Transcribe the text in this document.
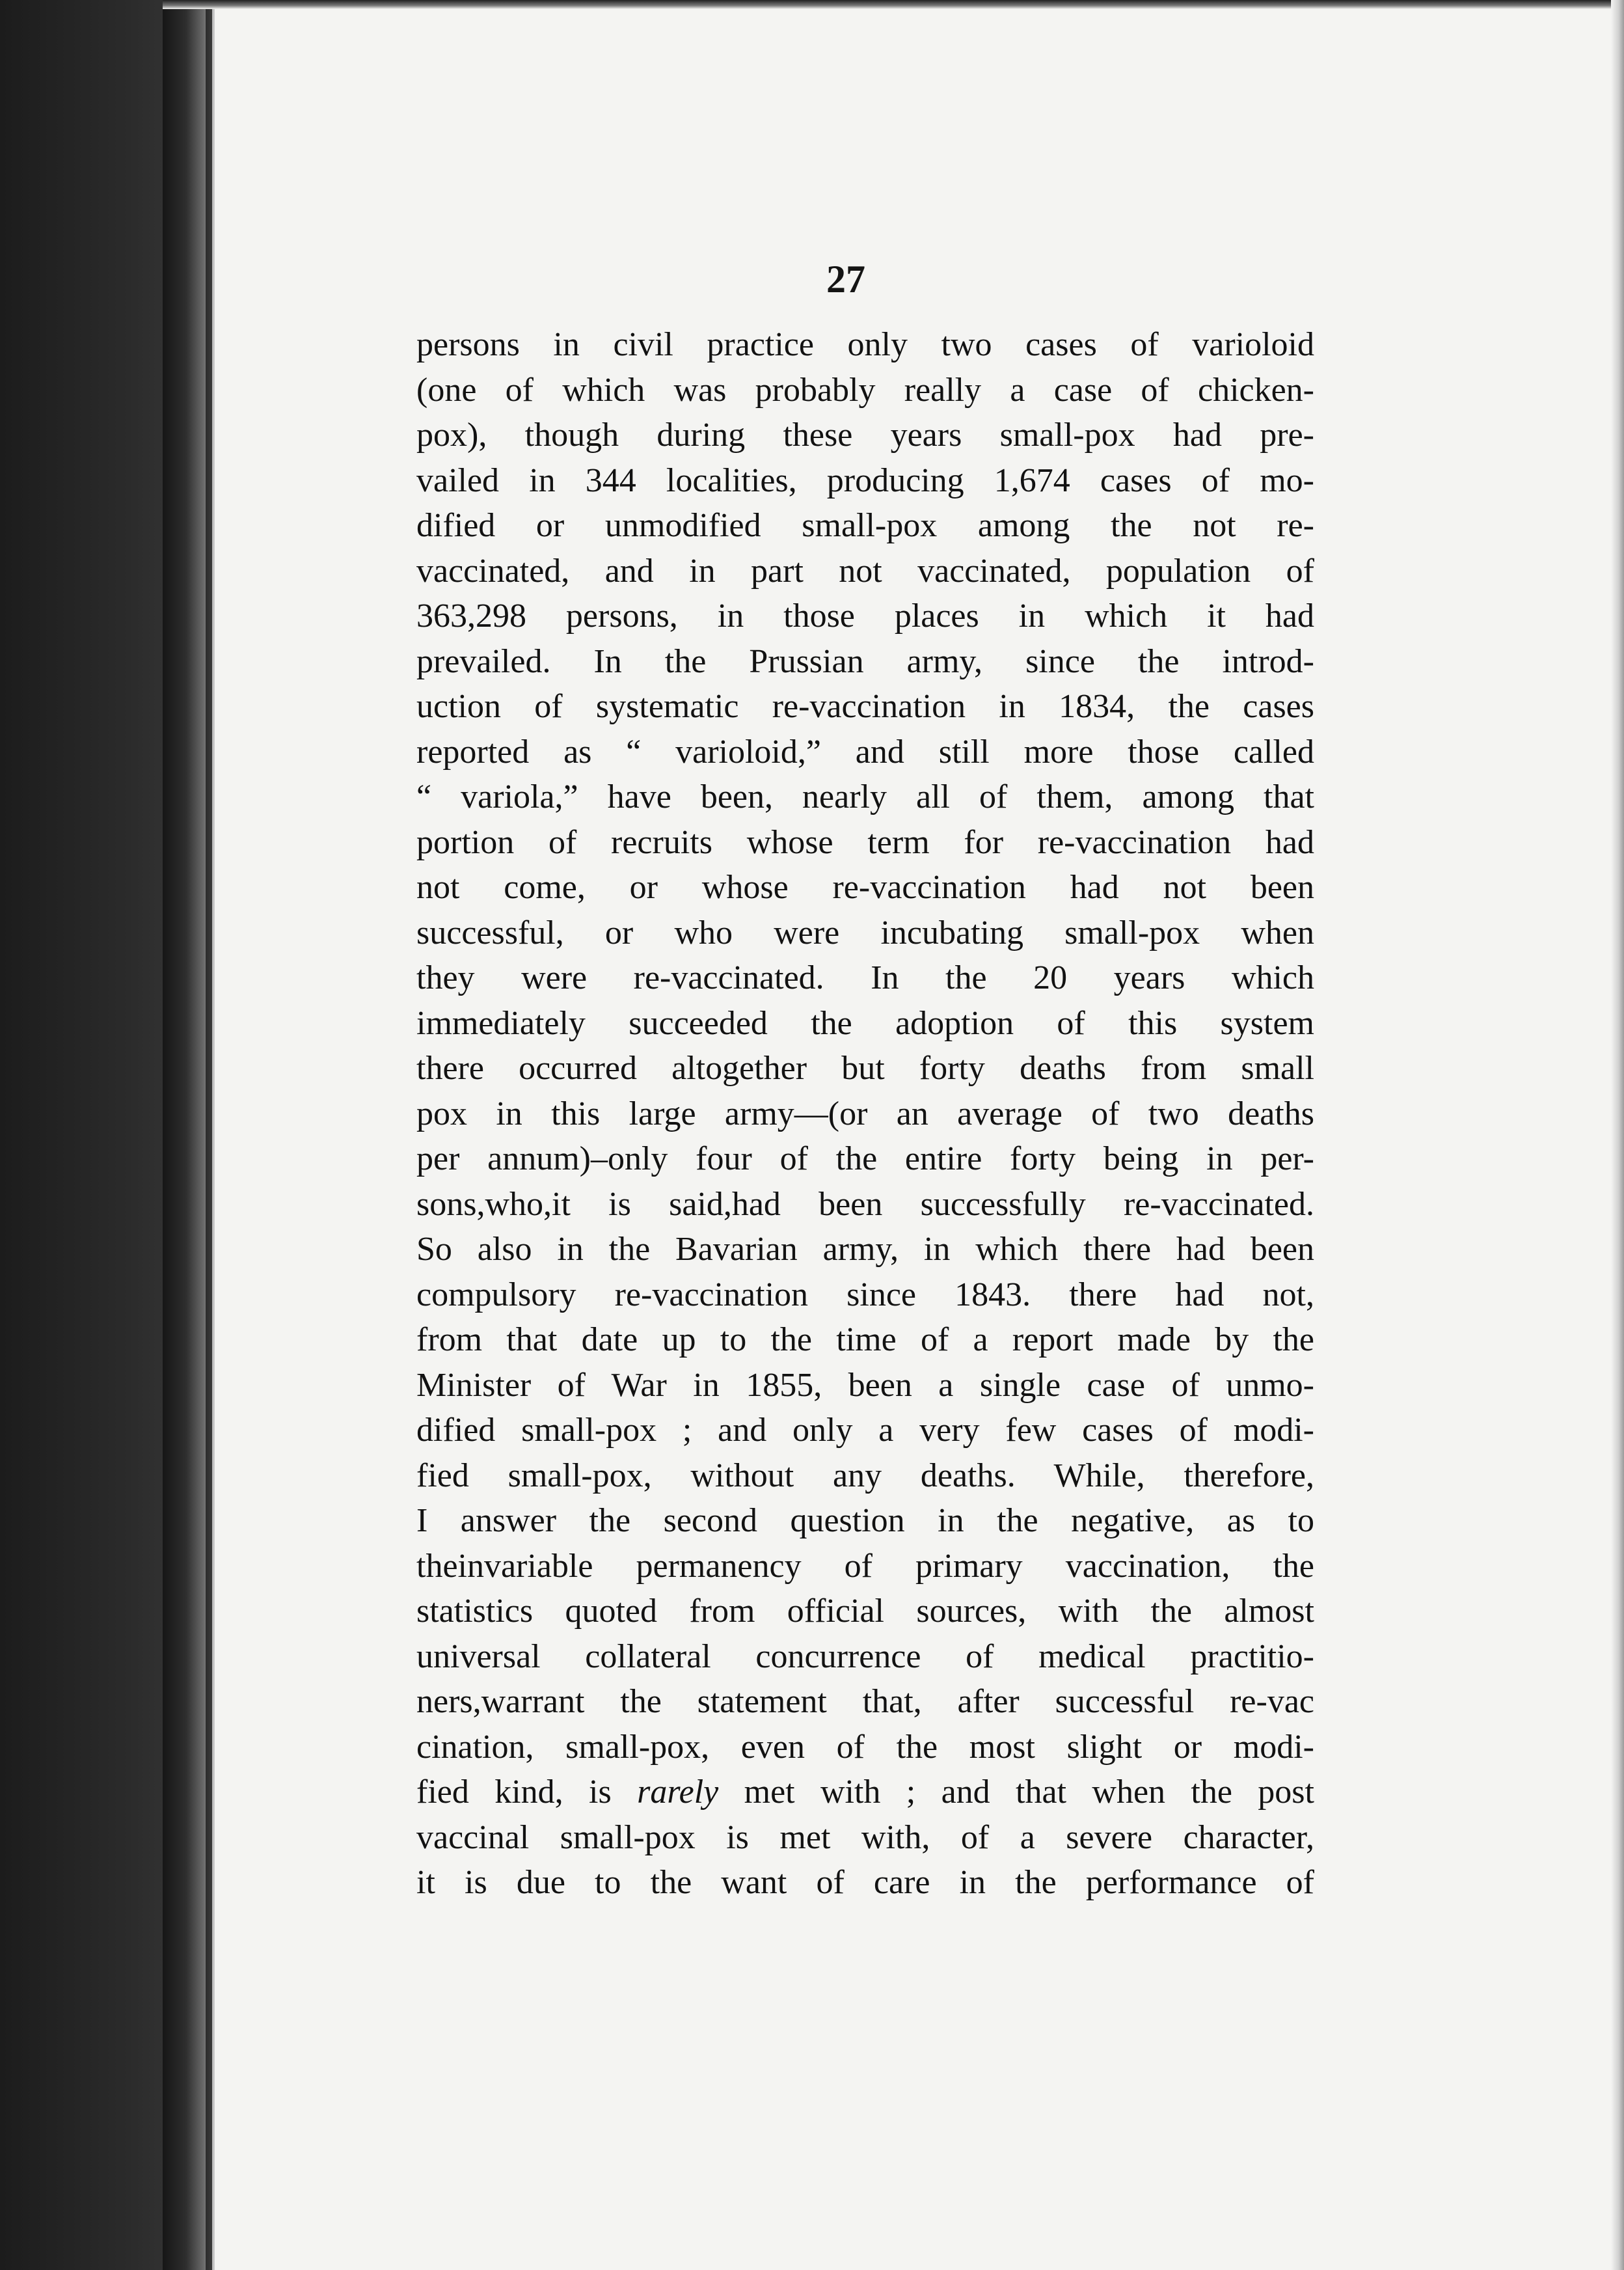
27
persons in civil practice only two cases of varioloid
(one of which was probably really a case of chicken-
pox), though during these years small-pox had pre-
vailed in 344 localities, producing 1,674 cases of mo-
dified or unmodified small-pox among the not re-
vaccinated, and in part not vaccinated, population of
363,298 persons, in those places in which it had
prevailed. In the Prussian army, since the introd-
uction of systematic re-vaccination in 1834, the cases
reported as “ varioloid,” and still more those called
“ variola,” have been, nearly all of them, among that
portion of recruits whose term for re-vaccination had
not come, or whose re-vaccination had not been
successful, or who were incubating small-pox when
they were re-vaccinated. In the 20 years which
immediately succeeded the adoption of this system
there occurred altogether but forty deaths from small
pox in this large army—(or an average of two deaths
per annum)–only four of the entire forty being in per-
sons,who,it is said,had been successfully re-vaccinated.
So also in the Bavarian army, in which there had been
compulsory re-vaccination since 1843. there had not,
from that date up to the time of a report made by the
Minister of War in 1855, been a single case of unmo-
dified small-pox ; and only a very few cases of modi-
fied small-pox, without any deaths. While, therefore,
I answer the second question in the negative, as to
theinvariable permanency of primary vaccination, the
statistics quoted from official sources, with the almost
universal collateral concurrence of medical practitio-
ners,warrant the statement that, after successful re-vac
cination, small-pox, even of the most slight or modi-
fied kind, is rarely met with ; and that when the post
vaccinal small-pox is met with, of a severe character,
it is due to the want of care in the performance of
